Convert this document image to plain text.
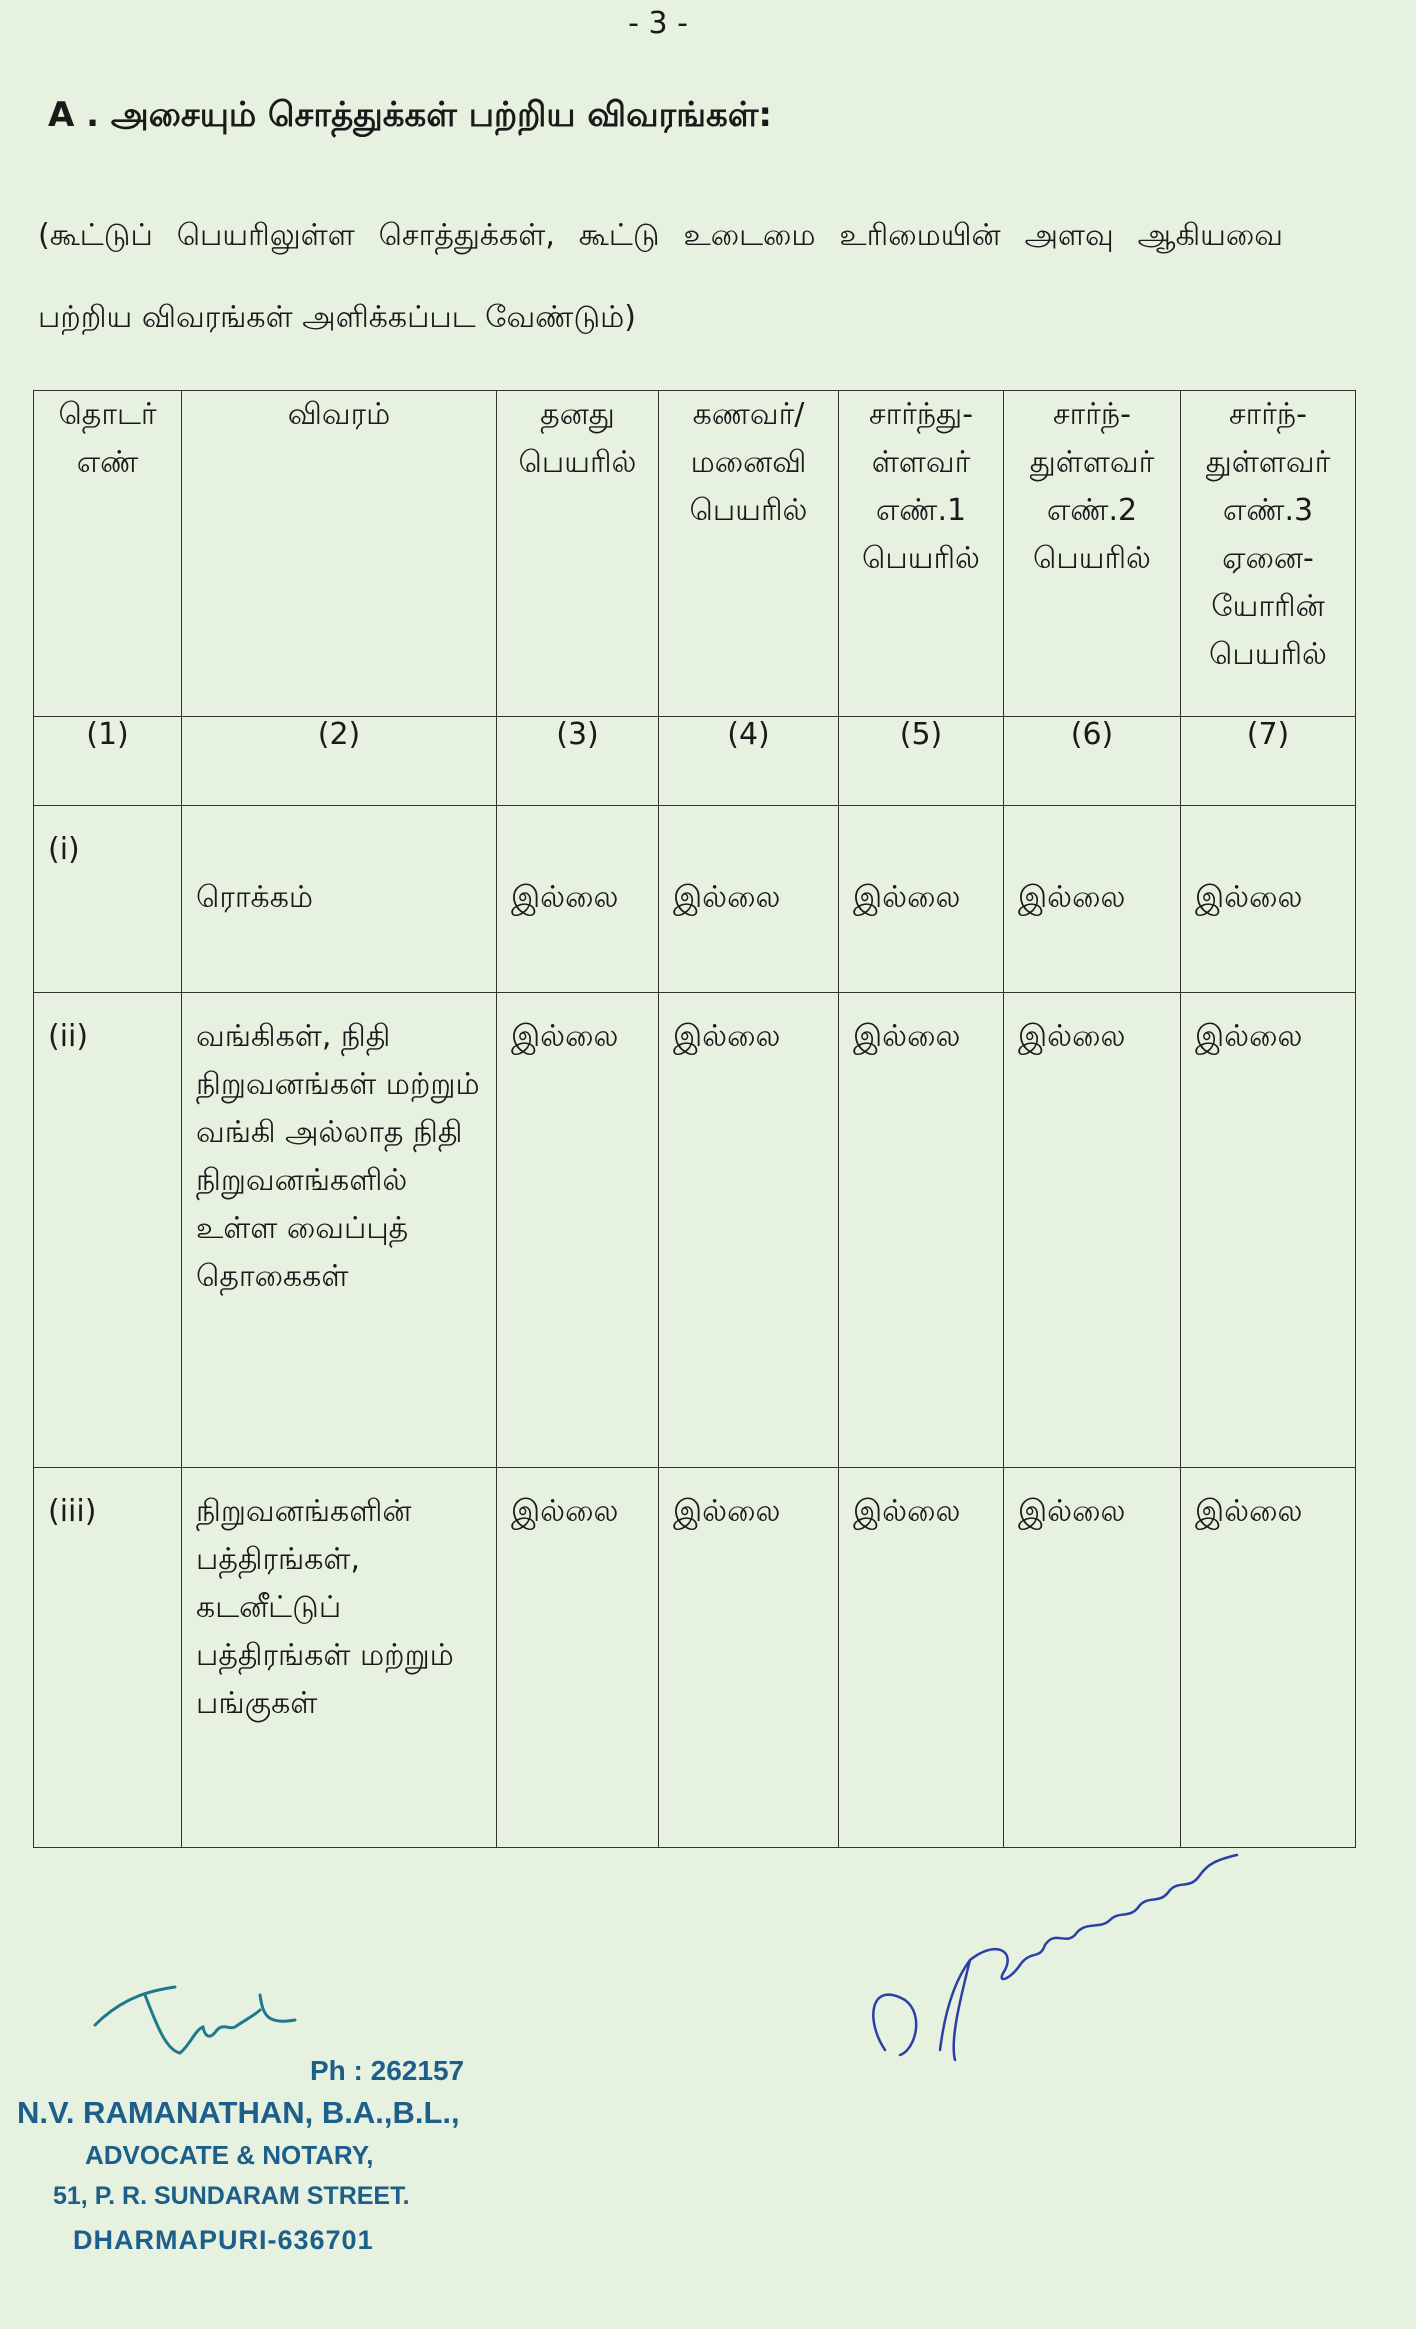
- 3 -
A . அசையும் சொத்துக்கள் பற்றிய விவரங்கள்:
(கூட்டுப் பெயரிலுள்ள சொத்துக்கள், கூட்டு உடைமை உரிமையின் அளவு ஆகியவை பற்றிய விவரங்கள் அளிக்கப்பட வேண்டும்)
தொடர் எண்	விவரம்	தனது பெயரில்	கணவர்/ மனைவி பெயரில்	சார்ந்து- ள்ளவர் எண்.1 பெயரில்	சார்ந்- துள்ளவர் எண்.2 பெயரில்	சார்ந்- துள்ளவர் எண்.3 ஏனை- யோரின் பெயரில்
(1)	(2)	(3)	(4)	(5)	(6)	(7)

(i)	ரொக்கம்	இல்லை	இல்லை	இல்லை	இல்லை	இல்லை

(ii)	வங்கிகள், நிதி நிறுவனங்கள் மற்றும் வங்கி அல்லாத நிதி நிறுவனங்களில் உள்ள வைப்புத் தொகைகள்	இல்லை	இல்லை	இல்லை	இல்லை	இல்லை

(iii)	நிறுவனங்களின் பத்திரங்கள், கடனீட்டுப் பத்திரங்கள் மற்றும் பங்குகள்	இல்லை	இல்லை	இல்லை	இல்லை	இல்லை
Ph : 262157
N.V. RAMANATHAN, B.A.,B.L.,
ADVOCATE & NOTARY,
51, P. R. SUNDARAM STREET.
DHARMAPURI-636701
